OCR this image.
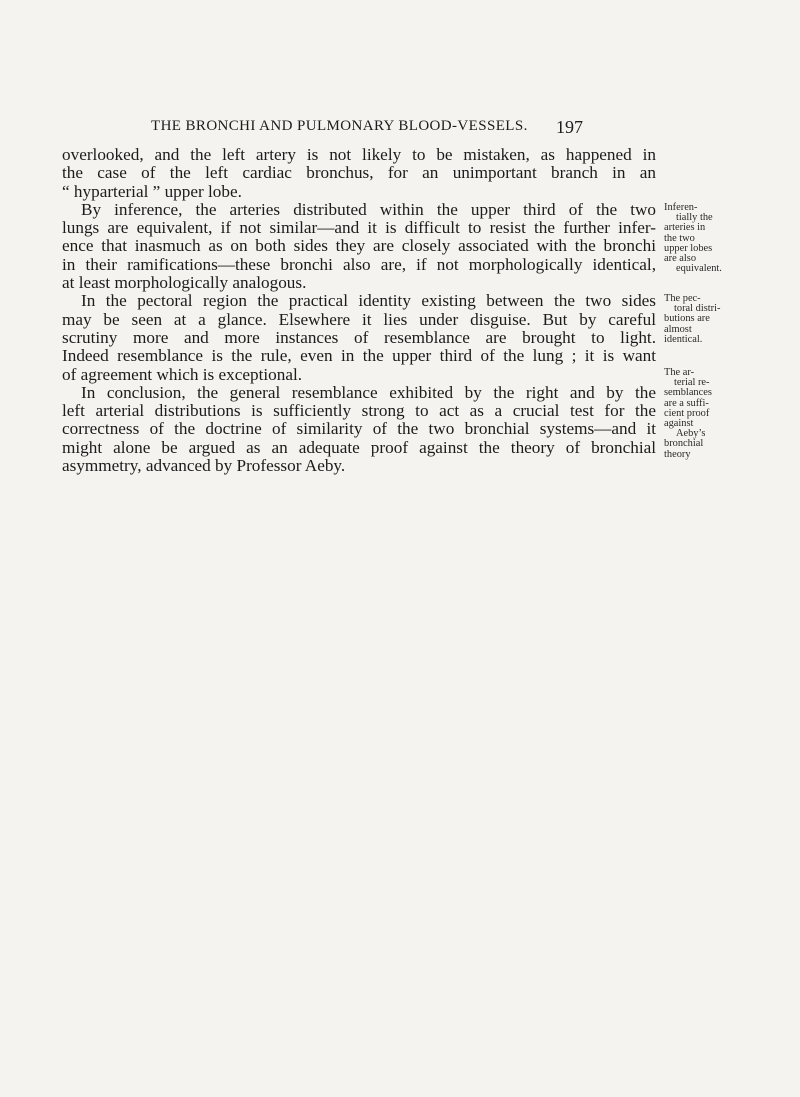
THE BRONCHI AND PULMONARY BLOOD-VESSELS. 197
overlooked, and the left artery is not likely to be mistaken, as happened in
the case of the left cardiac bronchus, for an unimportant branch in an
“ hyparterial ” upper lobe.
By inference, the arteries distributed within the upper third of the two
lungs are equivalent, if not similar—and it is difficult to resist the further infer-
ence that inasmuch as on both sides they are closely associated with the bronchi
in their ramifications—these bronchi also are, if not morphologically identical,
at least morphologically analogous.
In the pectoral region the practical identity existing between the two sides
may be seen at a glance. Elsewhere it lies under disguise. But by careful
scrutiny more and more instances of resemblance are brought to light.
Indeed resemblance is the rule, even in the upper third of the lung ; it is want
of agreement which is exceptional.
In conclusion, the general resemblance exhibited by the right and by the
left arterial distributions is sufficiently strong to act as a crucial test for the
correctness of the doctrine of similarity of the two bronchial systems—and it
might alone be argued as an adequate proof against the theory of bronchial
asymmetry, advanced by Professor Aeby.
Inferen-
tially the
arteries in
the two
upper lobes
are also
equivalent.
The pec-
toral distri-
butions are
almost
identical.
The ar-
terial re-
semblances
are a suffi-
cient proof
against
Aeby’s
bronchial
theory
